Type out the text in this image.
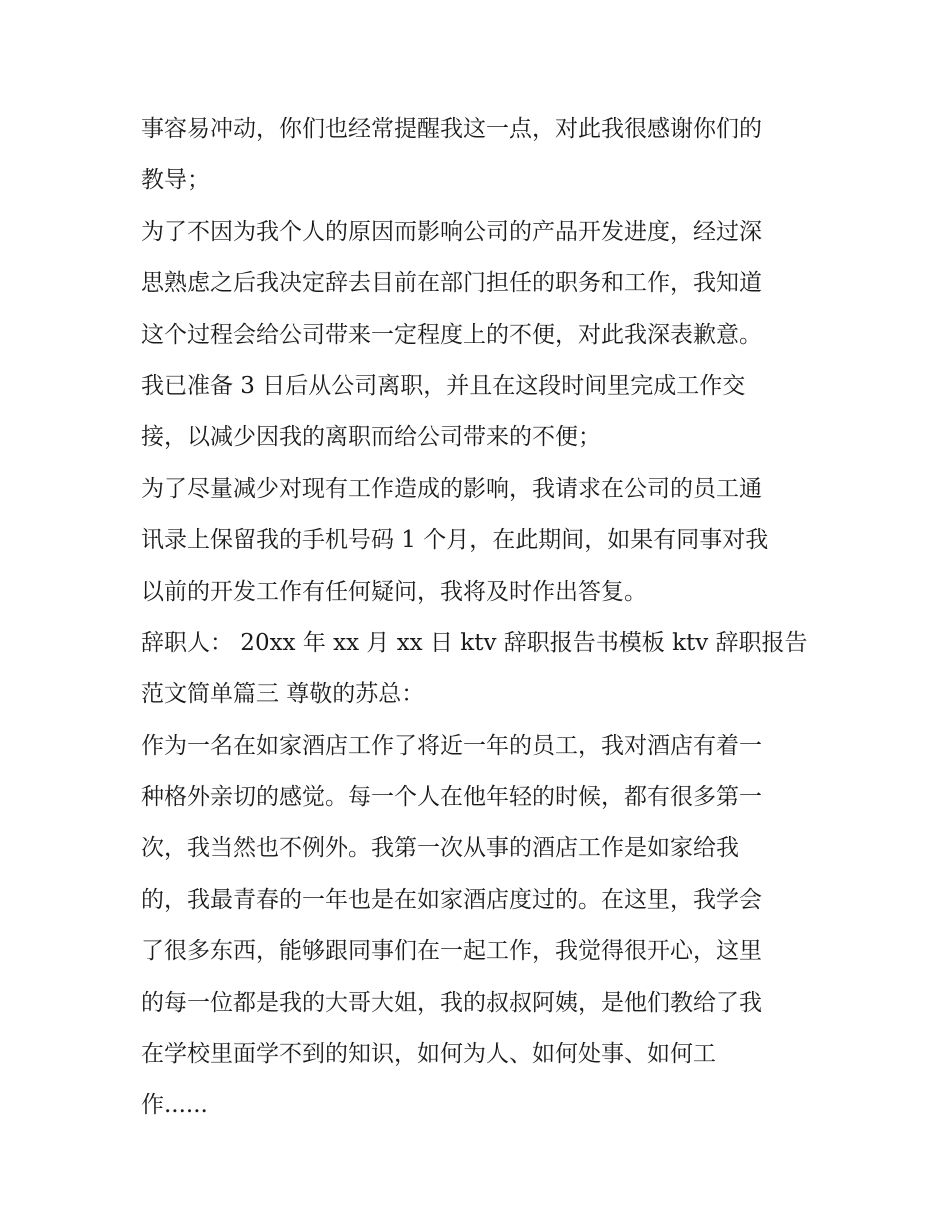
事容易冲动，你们也经常提醒我这一点，对此我很感谢你们的
教导；
为了不因为我个人的原因而影响公司的产品开发进度，经过深
思熟虑之后我决定辞去目前在部门担任的职务和工作，我知道
这个过程会给公司带来一定程度上的不便，对此我深表歉意。
我已准备 3 日后从公司离职，并且在这段时间里完成工作交
接，以减少因我的离职而给公司带来的不便；
为了尽量减少对现有工作造成的影响，我请求在公司的员工通
讯录上保留我的手机号码 1 个月，在此期间，如果有同事对我
以前的开发工作有任何疑问，我将及时作出答复。
辞职人： 20xx 年 xx 月 xx 日 ktv 辞职报告书模板 ktv 辞职报告
范文简单篇三 尊敬的苏总：
作为一名在如家酒店工作了将近一年的员工，我对酒店有着一
种格外亲切的感觉。每一个人在他年轻的时候，都有很多第一
次，我当然也不例外。我第一次从事的酒店工作是如家给我
的，我最青春的一年也是在如家酒店度过的。在这里，我学会
了很多东西，能够跟同事们在一起工作，我觉得很开心，这里
的每一位都是我的大哥大姐，我的叔叔阿姨，是他们教给了我
在学校里面学不到的知识，如何为人、如何处事、如何工
作......
